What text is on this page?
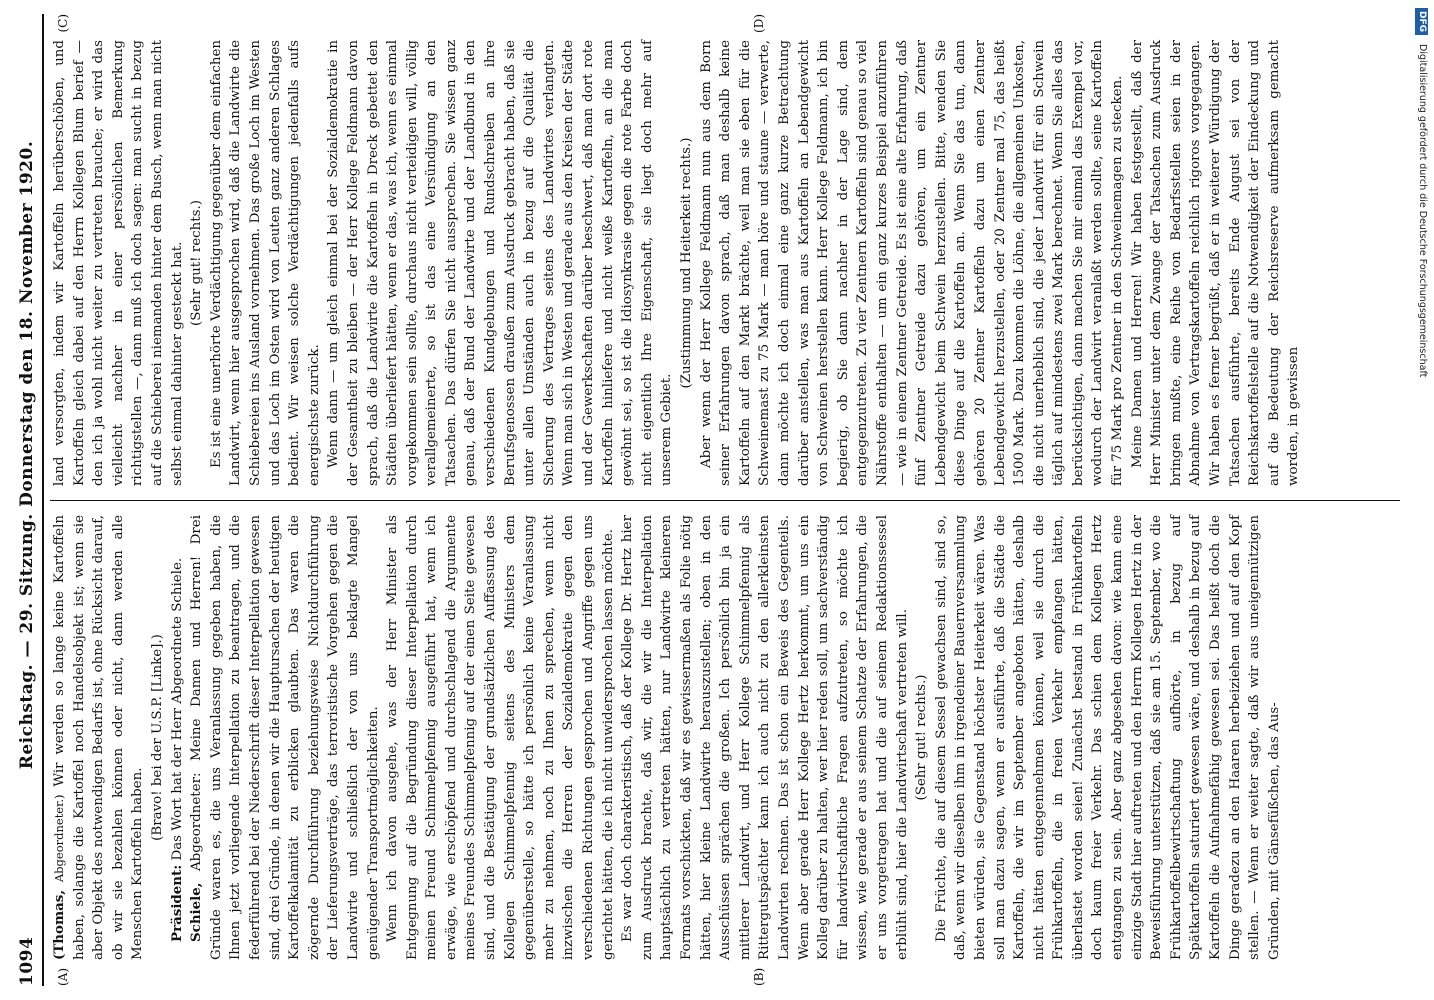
1094
Reichstag. — 29. Sitzung. Donnerstag den 18. November 1920.
(A)	(B)

(Thomas, Abgeordneter.) Wir werden so lange keine Kartoffeln haben, solange die Kartoffel noch Handelsobjekt ist; wenn sie aber Objekt des notwendigen Bedarfs ist, ohne Rücksicht darauf, ob wir sie bezahlen können oder nicht, dann werden alle Menschen Kartoffeln haben.

(Bravo! bei der U.S.P. [Linke].)

Präsident: Das Wort hat der Herr Abgeordnete Schiele.

Schiele, Abgeordneter: Meine Damen und Herren! Drei Gründe waren es, die uns Veranlassung gegeben haben, die Ihnen jetzt vorliegende Interpellation zu beantragen, und die federführend bei der Niederschrift dieser Interpellation gewesen sind, drei Gründe, in denen wir die Hauptursachen der heutigen Kartoffelkalamität zu erblicken glaubten. Das waren die zögernde Durchführung beziehungsweise Nichtdurchführung der Lieferungsverträge, das terroristische Vorgehen gegen die Landwirte und schließlich der von uns beklagte Mangel genügender Transportmöglichkeiten. Wenn ich davon ausgehe, was der Herr Minister als Entgegnung auf die Begründung dieser Interpellation durch meinen Freund Schimmelpfennig ausgeführt hat, wenn ich erwäge, wie erschöpfend und durchschlagend die Argumente meines Freundes Schimmelpfennig auf der einen Seite gewesen sind, und die Bestätigung der grundsätzlichen Auffassung des Kollegen Schimmelpfennig seitens des Ministers dem gegenüberstelle, so hätte ich persönlich keine Veranlassung mehr zu nehmen, noch zu Ihnen zu sprechen, wenn nicht inzwischen die Herren der Sozialdemokratie gegen den verschiedenen Richtungen gesprochen und Angriffe gegen uns gerichtet hätten, die ich nicht unwidersprochen lassen möchte. Es war doch charakteristisch, daß der Kollege Dr. Hertz hier zum Ausdruck brachte, daß wir, die wir die Interpellation hauptsächlich zu vertreten hätten, nur Landwirte kleineren Formats vorschickten, daß wir es gewissermaßen als Folie nötig hätten, hier kleine Landwirte herauszustellen; oben in den Ausschüssen sprächen die großen. Ich persönlich bin ja ein mittlerer Landwirt, und Herr Kollege Schimmelpfennig als Rittergutspächter kann ich auch nicht zu den allerkleinsten Landwirten rechnen. Das ist schon ein Beweis des Gegenteils. Wenn aber gerade Herr Kollege Hertz herkommt, um uns ein Kolleg darüber zu halten, wer hier reden soll, um sachverständig für landwirtschaftliche Fragen aufzutreten, so möchte ich wissen, wie gerade er aus seinem Schatze der Erfahrungen, die er uns vorgetragen hat und die auf seinem Redaktionssessel erblüht sind, hier die Landwirtschaft vertreten will. (Sehr gut! rechts.) Die Früchte, die auf diesem Sessel gewachsen sind, sind so, daß, wenn wir dieselben ihm in irgendeiner Bauernversammlung bieten würden, sie Gegenstand höchster Heiterkeit wären. Was soll man dazu sagen, wenn er ausführte, daß die Städte die Kartoffeln, die wir im September angeboten hätten, deshalb nicht hätten entgegennehmen können, weil sie durch die Frühkartoffeln, die in freien Verkehr empfangen hätten, überlastet worden seien! Zunächst bestand in Frühkartoffeln doch kaum freier Verkehr. Das schien dem Kollegen Hertz entgangen zu sein. Aber ganz abgesehen davon: wie kann eine einzige Stadt hier auftreten und den Herrn Kollegen Hertz in der Beweisführung unterstützen, daß sie am 15. September, wo die Frühkartoffelbewirtschaftung aufhörte, in bezug auf Spätkartoffeln saturiert gewesen wäre, und deshalb in bezug auf Kartoffeln die Aufnahmefähig gewesen sei. Das heißt doch die Dinge geradezu an den Haaren herbeiziehen und auf den Kopf stellen. — Wenn er weiter sagte, daß wir aus uneigennützigen Gründen, mit Gänsefüßchen, das Aus-

(C)	(D)

land versorgten, indem wir Kartoffeln herüberschöben, und Kartoffeln gleich dabei auf den Herrn Kollegen Blum berief — den ich ja wohl nicht weiter zu vertreten brauche; er wird das vielleicht nachher in einer persönlichen Bemerkung richtigstellen —, dann muß ich doch sagen: man sucht in bezug auf die Schieberei niemanden hinter dem Busch, wenn man nicht selbst einmal dahinter gesteckt hat. (Sehr gut! rechts.) Es ist eine unerhörte Verdächtigung gegenüber dem einfachen Landwirt, wenn hier ausgesprochen wird, daß die Landwirte die Schiebereien ins Ausland vornehmen. Das große Loch im Westen und das Loch im Osten wird von Leuten ganz anderen Schlages bedient. Wir weisen solche Verdächtigungen jedenfalls aufs energischste zurück. Wenn dann — um gleich einmal bei der Sozialdemokratie in der Gesamtheit zu bleiben — der Herr Kollege Feldmann davon sprach, daß die Landwirte die Kartoffeln in Dreck gebettet den Städten überliefert hätten, wenn er das, was ich, wenn es einmal vorgekommen sein sollte, durchaus nicht verteidigen will, völlig verallgemeinerte, so ist das eine Versündigung an den Tatsachen. Das dürfen Sie nicht aussprechen. Sie wissen ganz genau, daß der Bund der Landwirte und der Landbund in den verschiedenen Kundgebungen und Rundschreiben an ihre Berufsgenossen draußen zum Ausdruck gebracht haben, daß sie unter allen Umständen auch in bezug auf die Qualität die Sicherung des Vertrages seitens des Landwirtes verlangten. Wenn man sich in Westen und gerade aus den Kreisen der Städte und der Gewerkschaften darüber beschwert, daß man dort rote Kartoffeln hinliefere und nicht weiße Kartoffeln, an die man gewöhnt sei, so ist die Idiosynkrasie gegen die rote Farbe doch nicht eigentlich Ihre Eigenschaft, sie liegt doch mehr auf unserem Gebiet.

(Zustimmung und Heiterkeit rechts.) Aber wenn der Herr Kollege Feldmann nun aus dem Born seiner Erfahrungen davon sprach, daß man deshalb keine Kartoffeln auf den Markt brächte, weil man sie eben für die Schweinemast zu 75 Mark — man höre und staune — verwerte, dann möchte ich doch einmal eine ganz kurze Betrachtung darüber anstellen, was man aus Kartoffeln an Lebendgewicht von Schweinen herstellen kann. Herr Kollege Feldmann, ich bin begierig, ob Sie dann nachher in der Lage sind, dem entgegenzutreten. Zu vier Zentnern Kartoffeln sind genau so viel Nährstoffe enthalten — um ein ganz kurzes Beispiel anzuführen — wie in einem Zentner Getreide. Es ist eine alte Erfahrung, daß fünf Zentner Getreide dazu gehören, um ein Zentner Lebendgewicht beim Schwein herzustellen. Bitte, wenden Sie diese Dinge auf die Kartoffeln an. Wenn Sie das tun, dann gehören 20 Zentner Kartoffeln dazu um einen Zentner Lebendgewicht herzustellen, oder 20 Zentner mal 75, das heißt 1500 Mark. Dazu kommen die Löhne, die allgemeinen Unkosten, die nicht unerheblich sind, die jeder Landwirt für ein Schwein täglich auf mindestens zwei Mark berechnet. Wenn Sie alles das berücksichtigen, dann machen Sie mir einmal das Exempel vor, wodurch der Landwirt veranlaßt werden sollte, seine Kartoffeln für 75 Mark pro Zentner in den Schweinemagen zu stecken. Meine Damen und Herren! Wir haben festgestellt, daß der Herr Minister unter dem Zwange der Tatsachen zum Ausdruck bringen mußte, eine Reihe von Bedarfsstellen seien in der Abnahme von Vertragskartoffeln reichlich rigoros vorgegangen. Wir haben es ferner begrüßt, daß er in weiterer Würdigung der Tatsachen ausführte, bereits Ende August sei von der Reichskartoffelstelle auf die Notwendigkeit der Eindeckung und auf die Bedeutung der Reichsreserve aufmerksam gemacht worden, in gewissen

DFG Digitalisierung gefördert durch die Deutsche Forschungsgemeinschaft
